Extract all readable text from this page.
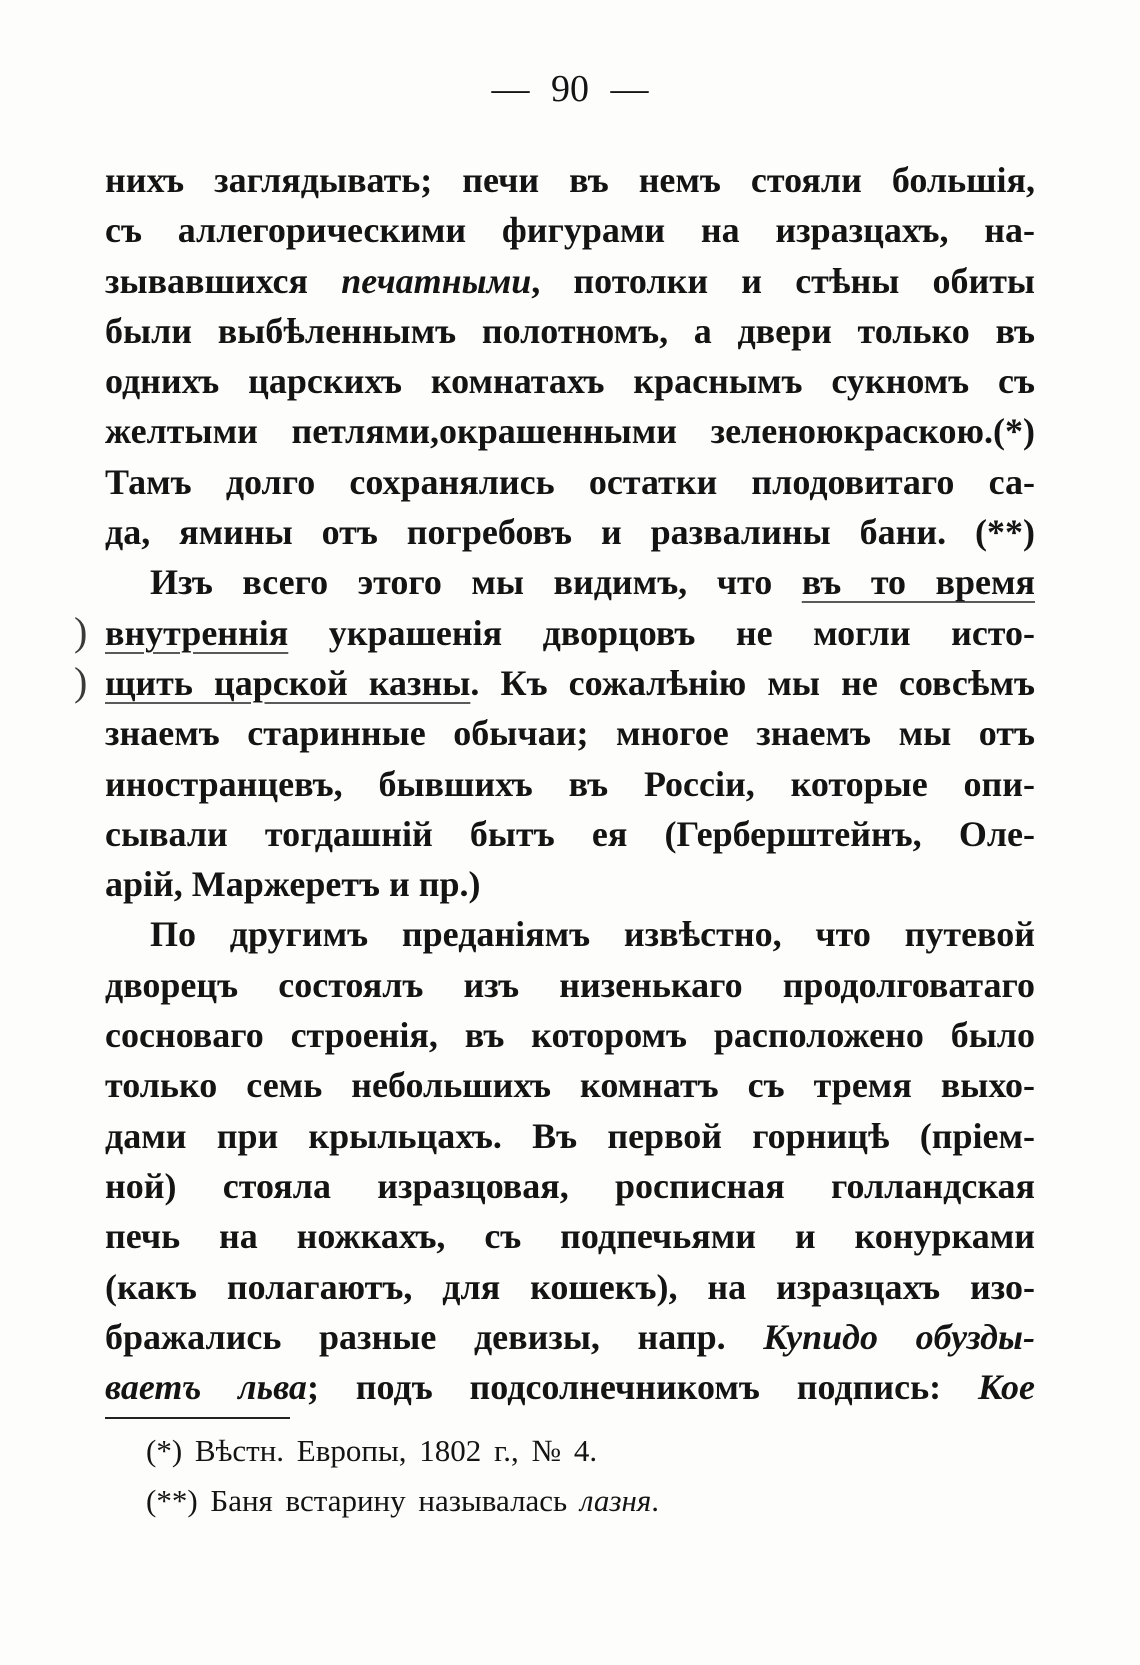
— 90 —
)
)
нихъ заглядывать; печи въ немъ стояли большія,
съ аллегорическими фигурами на изразцахъ, на-
зывавшихся печатными, потолки и стѣны обиты
были выбѣленнымъ полотномъ, а двери только въ
однихъ царскихъ комнатахъ краснымъ сукномъ съ
желтыми петлями,окрашенными зеленоюкраскою.(*)
Тамъ долго сохранялись остатки плодовитаго са-
да, ямины отъ погребовъ и развалины бани. (**)
Изъ всего этого мы видимъ, что въ то время
внутреннія украшенія дворцовъ не могли исто-
щить царской казны. Къ сожалѣнію мы не совсѣмъ
знаемъ старинные обычаи; многое знаемъ мы отъ
иностранцевъ, бывшихъ въ Россіи, которые опи-
сывали тогдашній бытъ ея (Герберштейнъ, Оле-
арій, Маржеретъ и пр.)
По другимъ преданіямъ извѣстно, что путевой
дворецъ состоялъ изъ низенькаго продолговатаго
сосноваго строенія, въ которомъ расположено было
только семь небольшихъ комнатъ съ тремя выхо-
дами при крыльцахъ. Въ первой горницѣ (пріем-
ной) стояла изразцовая, росписная голландская
печь на ножкахъ, съ подпечьями и конурками
(какъ полагаютъ, для кошекъ), на изразцахъ изо-
бражались разные девизы, напр. Купидо обузды-
ваетъ льва; подъ подсолнечникомъ подпись: Кое
(*) Вѣстн. Европы, 1802 г., № 4.
(**) Баня встарину называлась лазня.
